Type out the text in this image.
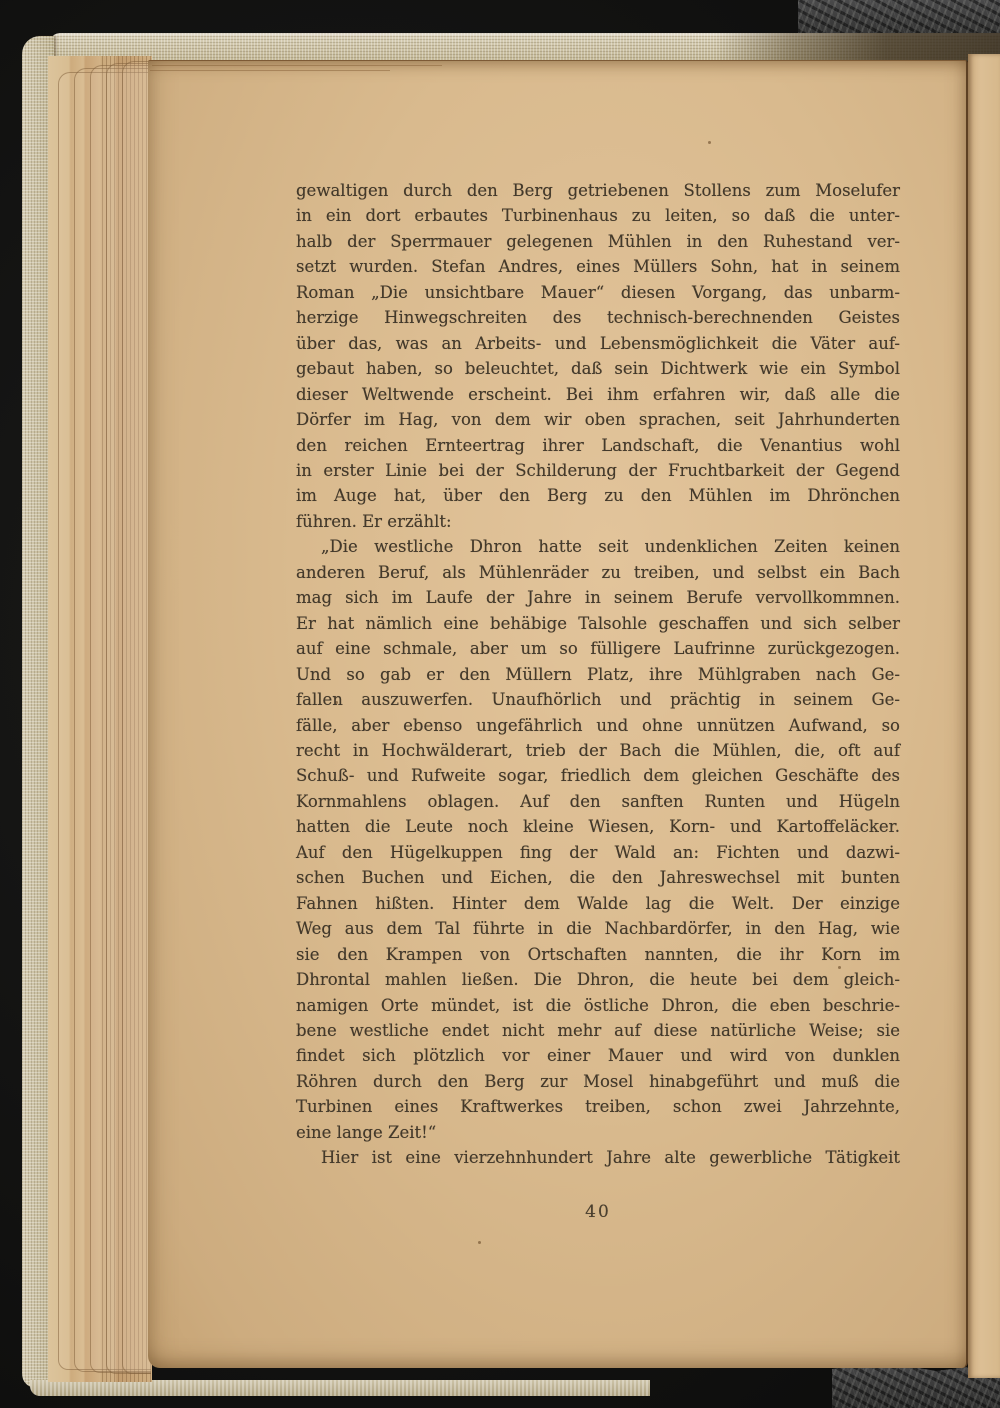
gewaltigen durch den Berg getriebenen Stollens zum Moselufer
in ein dort erbautes Turbinenhaus zu leiten, so daß die unter-
halb der Sperrmauer gelegenen Mühlen in den Ruhestand ver-
setzt wurden. Stefan Andres, eines Müllers Sohn, hat in seinem
Roman „Die unsichtbare Mauer“ diesen Vorgang, das unbarm-
herzige Hinwegschreiten des technisch-berechnenden Geistes
über das, was an Arbeits- und Lebensmöglichkeit die Väter auf-
gebaut haben, so beleuchtet, daß sein Dichtwerk wie ein Symbol
dieser Weltwende erscheint. Bei ihm erfahren wir, daß alle die
Dörfer im Hag, von dem wir oben sprachen, seit Jahrhunderten
den reichen Ernteertrag ihrer Landschaft, die Venantius wohl
in erster Linie bei der Schilderung der Fruchtbarkeit der Gegend
im Auge hat, über den Berg zu den Mühlen im Dhrönchen
führen. Er erzählt:
„Die westliche Dhron hatte seit undenklichen Zeiten keinen
anderen Beruf, als Mühlenräder zu treiben, und selbst ein Bach
mag sich im Laufe der Jahre in seinem Berufe vervollkommnen.
Er hat nämlich eine behäbige Talsohle geschaffen und sich selber
auf eine schmale, aber um so fülligere Laufrinne zurückgezogen.
Und so gab er den Müllern Platz, ihre Mühlgraben nach Ge-
fallen auszuwerfen. Unaufhörlich und prächtig in seinem Ge-
fälle, aber ebenso ungefährlich und ohne unnützen Aufwand, so
recht in Hochwälderart, trieb der Bach die Mühlen, die, oft auf
Schuß- und Rufweite sogar, friedlich dem gleichen Geschäfte des
Kornmahlens oblagen. Auf den sanften Runten und Hügeln
hatten die Leute noch kleine Wiesen, Korn- und Kartoffeläcker.
Auf den Hügelkuppen fing der Wald an: Fichten und dazwi-
schen Buchen und Eichen, die den Jahreswechsel mit bunten
Fahnen hißten. Hinter dem Walde lag die Welt. Der einzige
Weg aus dem Tal führte in die Nachbardörfer, in den Hag, wie
sie den Krampen von Ortschaften nannten, die ihr Korn im
Dhrontal mahlen ließen. Die Dhron, die heute bei dem gleich-
namigen Orte mündet, ist die östliche Dhron, die eben beschrie-
bene westliche endet nicht mehr auf diese natürliche Weise; sie
findet sich plötzlich vor einer Mauer und wird von dunklen
Röhren durch den Berg zur Mosel hinabgeführt und muß die
Turbinen eines Kraftwerkes treiben, schon zwei Jahrzehnte,
eine lange Zeit!“
Hier ist eine vierzehnhundert Jahre alte gewerbliche Tätigkeit
40
